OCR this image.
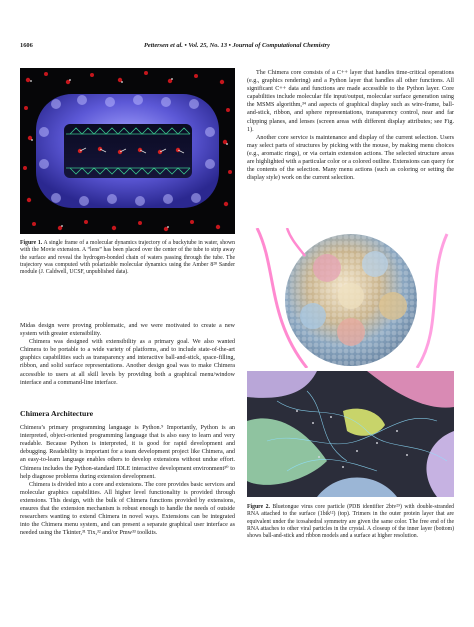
1606	Pettersen et al. • Vol. 25, No. 13 • Journal of Computational Chemistry
Figure 1. A single frame of a molecular dynamics trajectory of a buckytube in water, shown with the Movie extension. A “lens” has been placed over the center of the tube to strip away the surface and reveal the hydrogen-bonded chain of waters passing through the tube. The trajectory was computed with polarizable molecular dynamics using the Amber 8²⁸ Sander module (J. Caldwell, UCSF, unpublished data).

Midas design were proving problematic, and we were motivated to create a new system with greater extensibility.

Chimera was designed with extensibility as a primary goal. We also wanted Chimera to be portable to a wide variety of platforms, and to include state-of-the-art graphics capabilities such as transparency and interactive ball-and-stick, space-filling, ribbon, and solid surface representations. Another design goal was to make Chimera accessible to users at all skill levels by providing both a graphical menu/window interface and a command-line interface.

Chimera Architecture

Chimera’s primary programming language is Python.⁹ Importantly, Python is an interpreted, object-oriented programming language that is also easy to learn and very readable. Because Python is interpreted, it is good for rapid development and debugging. Readability is important for a team development project like Chimera, and an easy-to-learn language enables others to develop extensions without undue effort. Chimera includes the Python-standard IDLE interactive development environment³⁰ to help diagnose problems during extension development.

Chimera is divided into a core and extensions. The core provides basic services and molecular graphics capabilities. All higher level functionality is provided through extensions. This design, with the bulk of Chimera functions provided by extensions, ensures that the extension mechanism is robust enough to handle the needs of outside researchers wanting to extend Chimera in novel ways. Extensions can be integrated into the Chimera menu system, and can present a separate graphical user interface as needed using the Tkinter,³¹ Tix,³² and/or Pmw³³ toolkits.

The Chimera core consists of a C++ layer that handles time-critical operations (e.g., graphics rendering) and a Python layer that handles all other functions. All significant C++ data and functions are made accessible to the Python layer. Core capabilities include molecular file input/output, molecular surface generation using the MSMS algorithm,³⁴ and aspects of graphical display such as wire-frame, ball-and-stick, ribbon, and sphere representations, transparency control, near and far clipping planes, and lenses (screen areas with different display attributes; see Fig. 1).

Another core service is maintenance and display of the current selection. Users may select parts of structures by picking with the mouse, by making menu choices (e.g., aromatic rings), or via certain extension actions. The selected structure areas are highlighted with a particular color or a colored outline. Extensions can query for the contents of the selection. Many menu actions (such as coloring or setting the display style) work on the current selection.

Figure 2. Bluetongue virus core particle (PDB identifier 2btv²⁹) with double-stranded RNA attached to the surface (1bik¹²) (top). Trimers in the outer protein layer that are equivalent under the icosahedral symmetry are given the same color. The free end of the RNA attaches to other viral particles in the crystal. A closeup of the inner layer (bottom) shows ball-and-stick and ribbon models and a surface at higher resolution.
